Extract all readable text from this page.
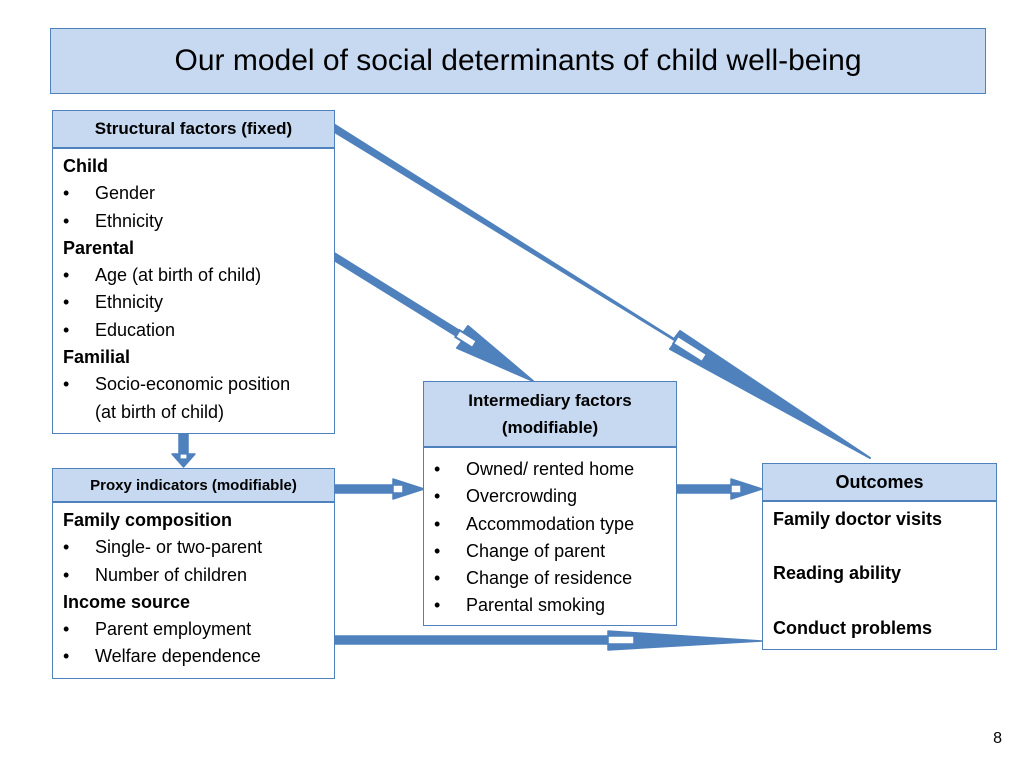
Our model of social determinants of child well-being
Structural factors (fixed)
Child
• Gender
• Ethnicity
Parental
• Age (at birth of child)
• Ethnicity
• Education
Familial
• Socio-economic position
(at birth of child)
Proxy indicators (modifiable)
Family composition
• Single- or two-parent
• Number of children
Income source
• Parent employment
• Welfare dependence
Intermediary factors
(modifiable)
• Owned/ rented home
• Overcrowding
• Accommodation type
• Change of parent
• Change of residence
• Parental smoking
Outcomes
Family doctor visits
Reading ability
Conduct problems
8
